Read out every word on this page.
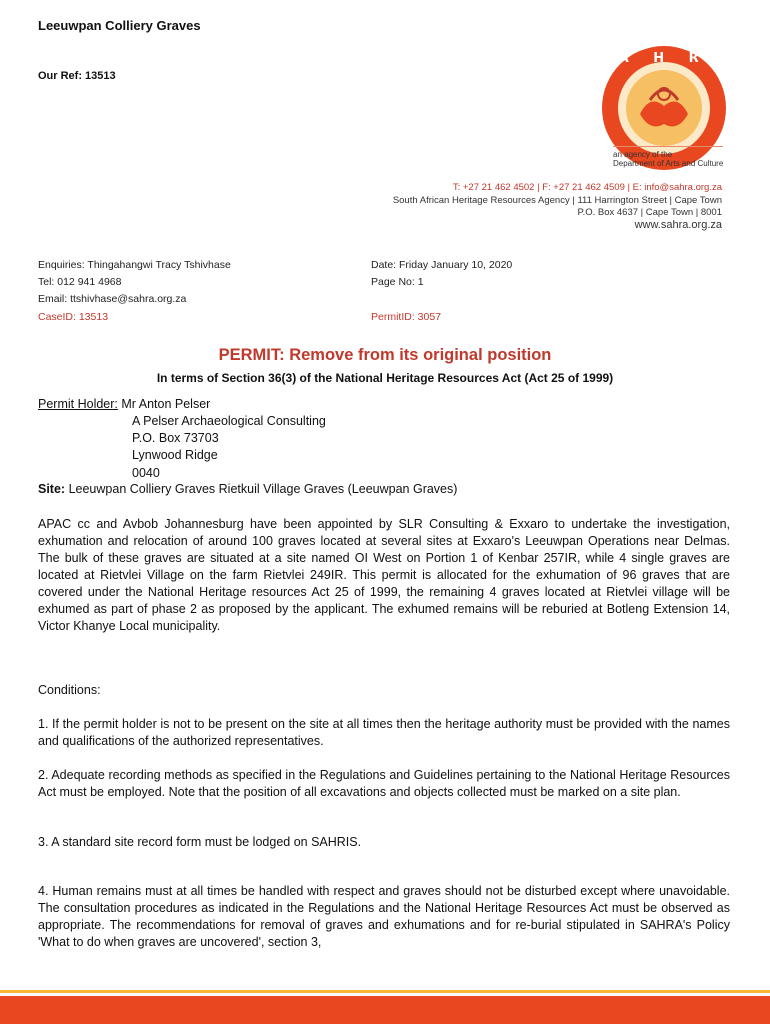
Leeuwpan Colliery Graves
Our Ref: 13513
S A H R A
an agency of the
Department of Arts and Culture
T: +27 21 462 4502 | F: +27 21 462 4509 | E: info@sahra.org.za
South African Heritage Resources Agency | 111 Harrington Street | Cape Town
P.O. Box 4637 | Cape Town | 8001
www.sahra.org.za
Enquiries: Thingahangwi Tracy Tshivhase
Tel: 012 941 4968
Email: ttshivhase@sahra.org.za
CaseID: 13513
Date: Friday January 10, 2020
Page No: 1
PermitID: 3057
PERMIT: Remove from its original position
In terms of Section 36(3) of the National Heritage Resources Act (Act 25 of 1999)
Permit Holder: Mr Anton Pelser
A Pelser Archaeological Consulting
P.O. Box 73703
Lynwood Ridge
0040
Site: Leeuwpan Colliery Graves Rietkuil Village Graves (Leeuwpan Graves)

APAC cc and Avbob Johannesburg have been appointed by SLR Consulting & Exxaro to undertake the investigation, exhumation and relocation of around 100 graves located at several sites at Exxaro's Leeuwpan Operations near Delmas. The bulk of these graves are situated at a site named OI West on Portion 1 of Kenbar 257IR, while 4 single graves are located at Rietvlei Village on the farm Rietvlei 249IR. This permit is allocated for the exhumation of 96 graves that are covered under the National Heritage resources Act 25 of 1999, the remaining 4 graves located at Rietvlei village will be exhumed as part of phase 2 as proposed by the applicant. The exhumed remains will be reburied at Botleng Extension 14, Victor Khanye Local municipality.

Conditions:

1. If the permit holder is not to be present on the site at all times then the heritage authority must be provided with the names and qualifications of the authorized representatives.

2. Adequate recording methods as specified in the Regulations and Guidelines pertaining to the National Heritage Resources Act must be employed. Note that the position of all excavations and objects collected must be marked on a site plan.

3. A standard site record form must be lodged on SAHRIS.

4. Human remains must at all times be handled with respect and graves should not be disturbed except where unavoidable. The consultation procedures as indicated in the Regulations and the National Heritage Resources Act must be observed as appropriate. The recommendations for removal of graves and exhumations and for re-burial stipulated in SAHRA's Policy 'What to do when graves are uncovered', section 3,
